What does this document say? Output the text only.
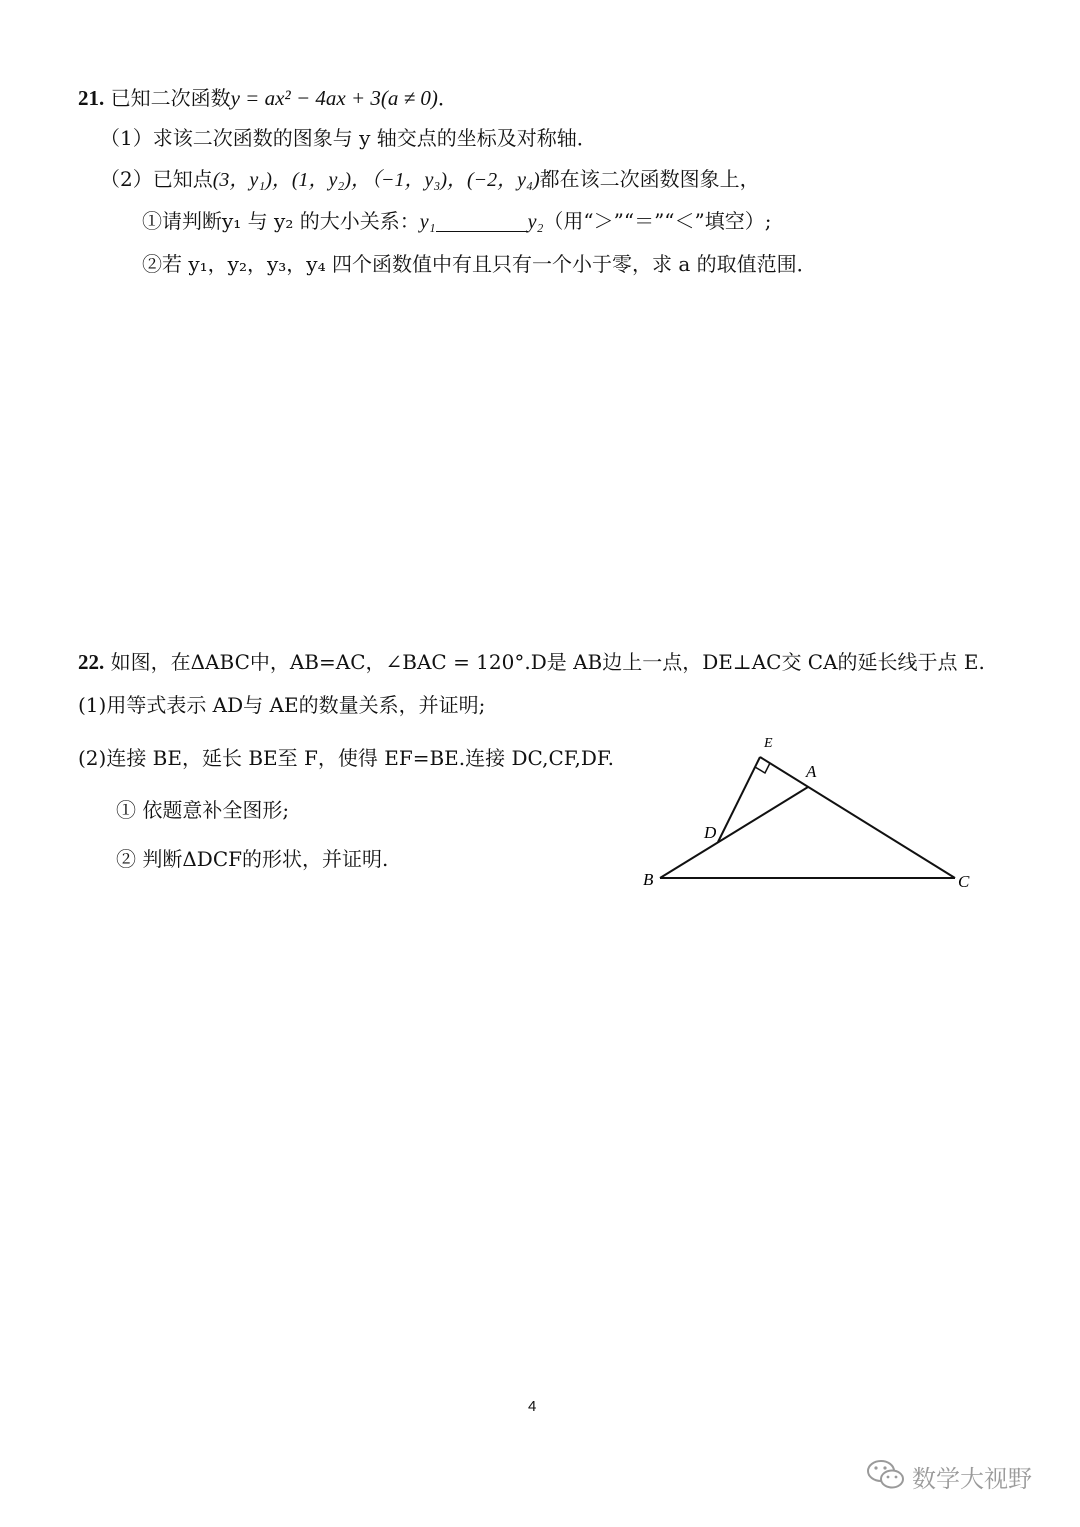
21. 已知二次函数y = ax² − 4ax + 3(a ≠ 0)．
（1）求该二次函数的图象与 y 轴交点的坐标及对称轴．
（2）已知点(3，y₁)，(1，y₂)，（−1，y₃)，(−2，y₄)都在该二次函数图象上，
①请判断y₁ 与 y₂ 的大小关系：y₁	y₂（用“＞”“＝”“＜”填空）;
②若 y₁，y₂，y₃，y₄ 四个函数值中有且只有一个小于零，求 a 的取值范围．
22. 如图，在ΔABC中，AB=AC，∠BAC = 120°.D是 AB边上一点，DE⊥AC交 CA的延长线于点 E.
(1)用等式表示 AD与 AE的数量关系，并证明;
(2)连接 BE，延长 BE至 F，使得 EF=BE.连接 DC,CF,DF.
① 依题意补全图形;
② 判断ΔDCF的形状，并证明.
E
A
D
B	C
4
数学大视野
